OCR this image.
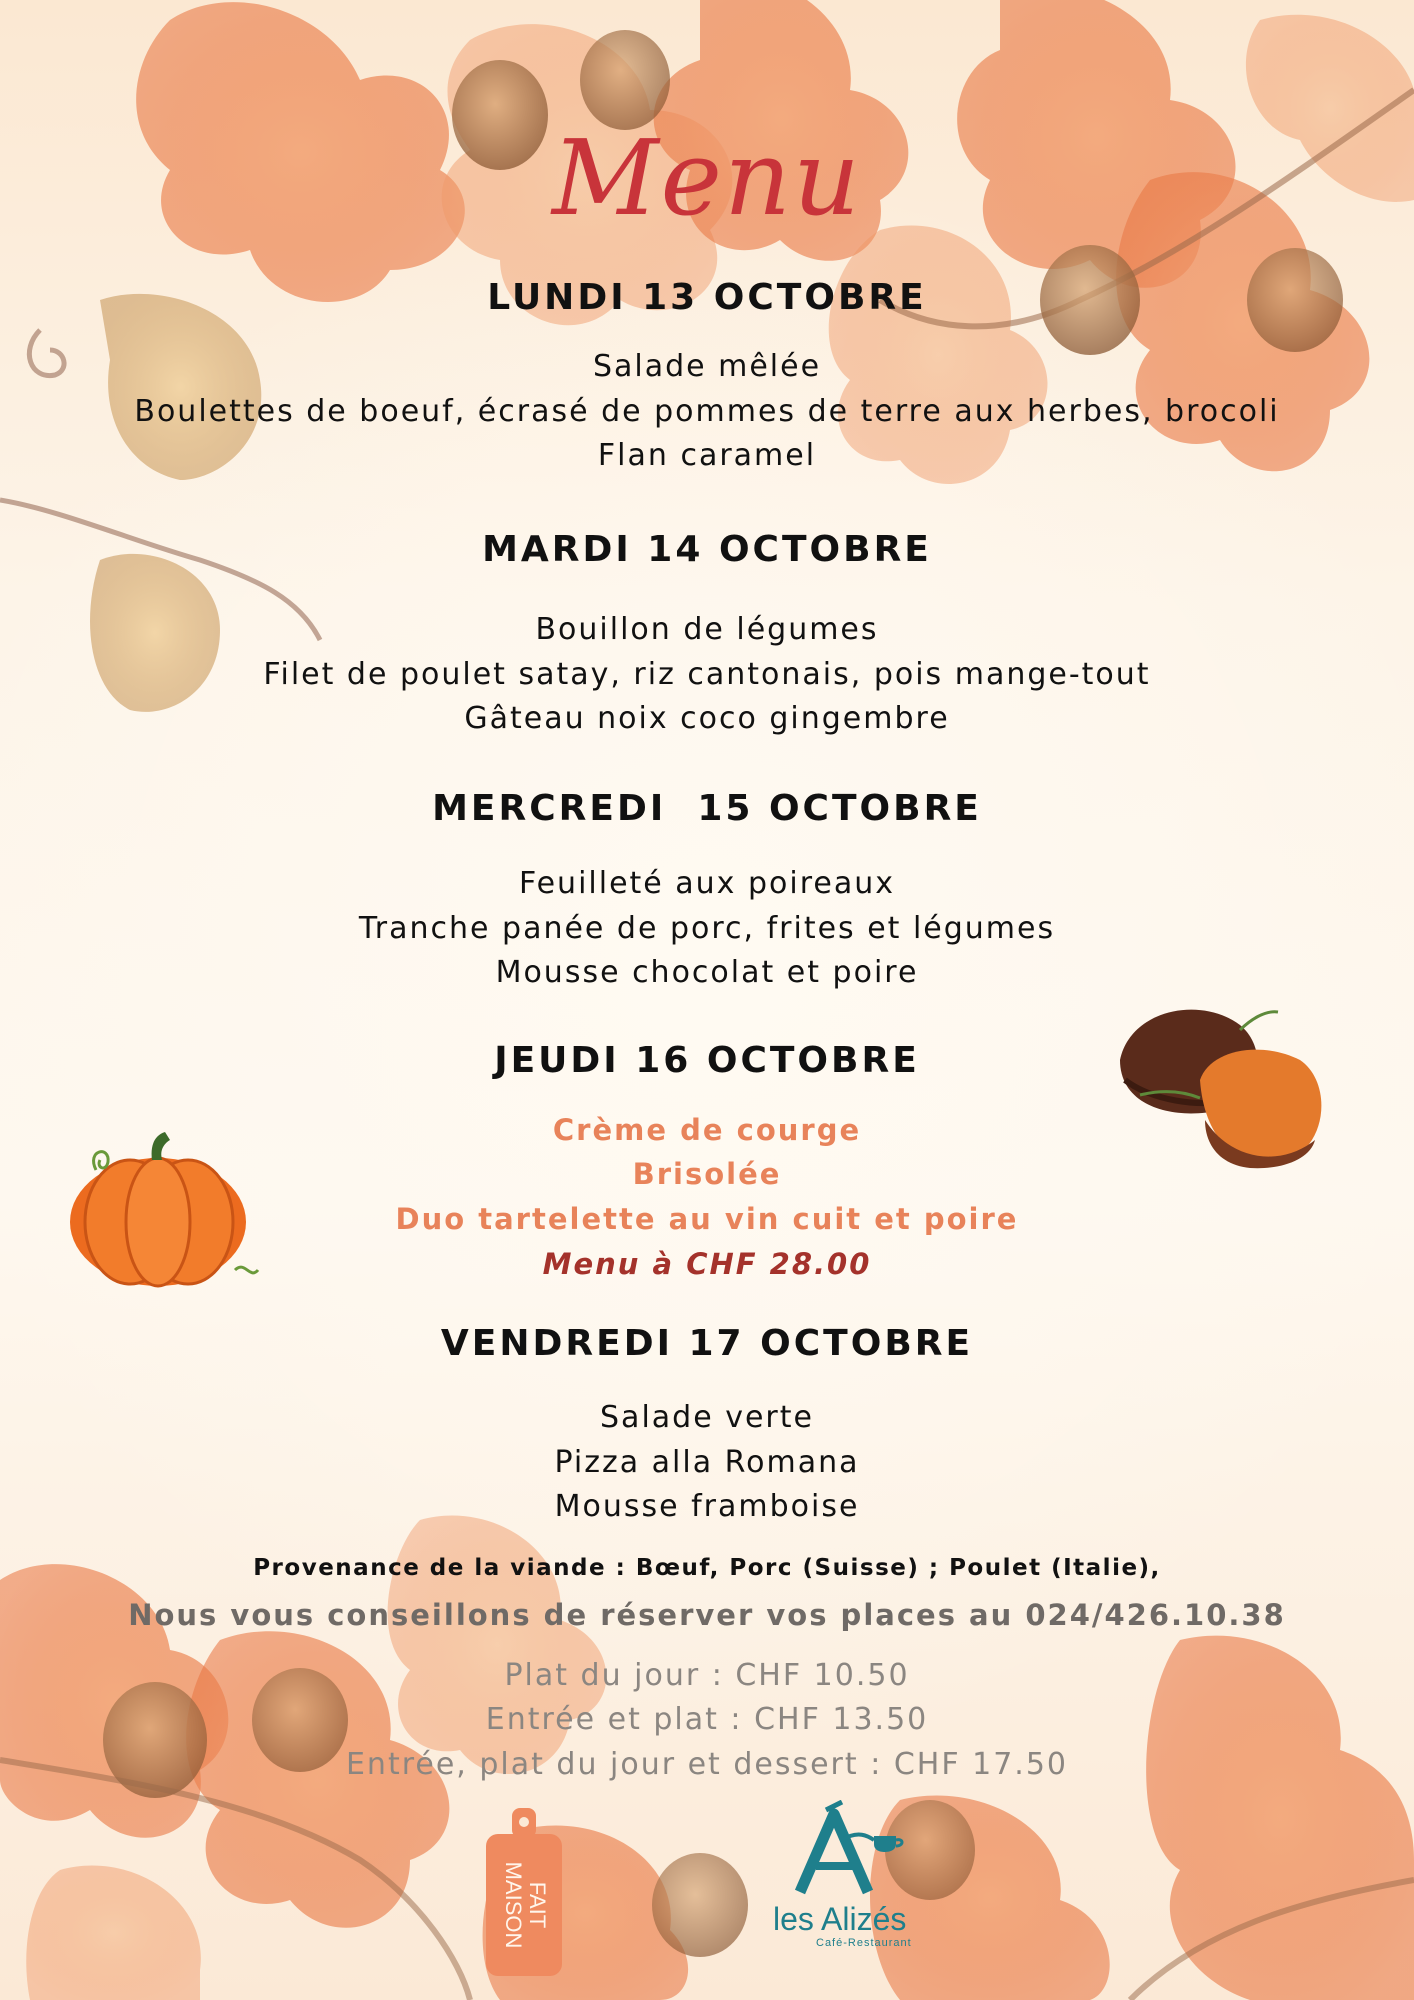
Menu
LUNDI 13 OCTOBRE
Salade mêlée
Boulettes de boeuf, écrasé de pommes de terre aux herbes, brocoli
Flan caramel
MARDI 14 OCTOBRE
Bouillon de légumes
Filet de poulet satay, riz cantonais, pois mange-tout
Gâteau noix coco gingembre
MERCREDI  15 OCTOBRE
Feuilleté aux poireaux
Tranche panée de porc, frites et légumes
Mousse chocolat et poire
JEUDI 16 OCTOBRE
Crème de courge
Brisolée
Duo tartelette au vin cuit et poire
Menu à CHF 28.00
VENDREDI 17 OCTOBRE
Salade verte
Pizza alla Romana
Mousse framboise
Provenance de la viande : Bœuf, Porc (Suisse) ; Poulet (Italie),
Nous vous conseillons de réserver vos places au 024/426.10.38
Plat du jour : CHF 10.50
Entrée et plat : CHF 13.50
Entrée, plat du jour et dessert : CHF 17.50
FAIT
MAISON	les Alizés
Café-Restaurant
